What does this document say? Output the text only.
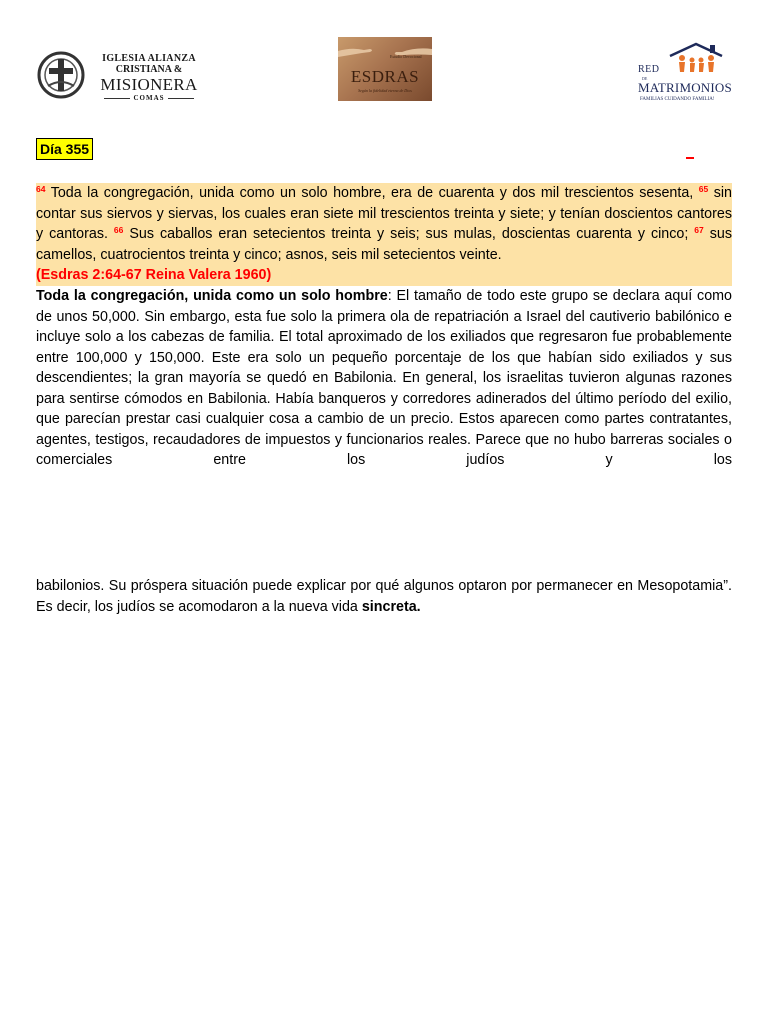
IGLESIA ALIANZA
CRISTIANA &
MISIONERA
COMAS
Estudio Devocional
ESDRAS
Según la fidelidad eterna de Dios
RED
DE
MATRIMONIOS
FAMILIAS CUIDANDO FAMILIA!
Día 355
$^{64}$ Toda la congregación, unida como un solo hombre, era de cuarenta y dos mil trescientos sesenta, $^{65}$ sin contar sus siervos y siervas, los cuales eran siete mil trescientos treinta y siete; y tenían doscientos cantores y cantoras. $^{66}$ Sus caballos eran setecientos treinta y seis; sus mulas, doscientas cuarenta y cinco; $^{67}$ sus camellos, cuatrocientos treinta y cinco; asnos, seis mil setecientos veinte.
(Esdras 2:64-67 Reina Valera 1960)
Toda la congregación, unida como un solo hombre: El tamaño de todo este grupo se declara aquí como de unos 50,000. Sin embargo, esta fue solo la primera ola de repatriación a Israel del cautiverio babilónico e incluye solo a los cabezas de familia. El total aproximado de los exiliados que regresaron fue probablemente entre 100,000 y 150,000. Este era solo un pequeño porcentaje de los que habían sido exiliados y sus descendientes; la gran mayoría se quedó en Babilonia. En general, los israelitas tuvieron algunas razones para sentirse cómodos en Babilonia. Había banqueros y corredores adinerados del último período del exilio, que parecían prestar casi cualquier cosa a cambio de un precio. Estos aparecen como partes contratantes, agentes, testigos, recaudadores de impuestos y funcionarios reales. Parece que no hubo barreras sociales o comerciales entre los judíos y los
babilonios. Su próspera situación puede explicar por qué algunos optaron por permanecer en Mesopotamia”. Es decir, los judíos se acomodaron a la nueva vida sincreta.
